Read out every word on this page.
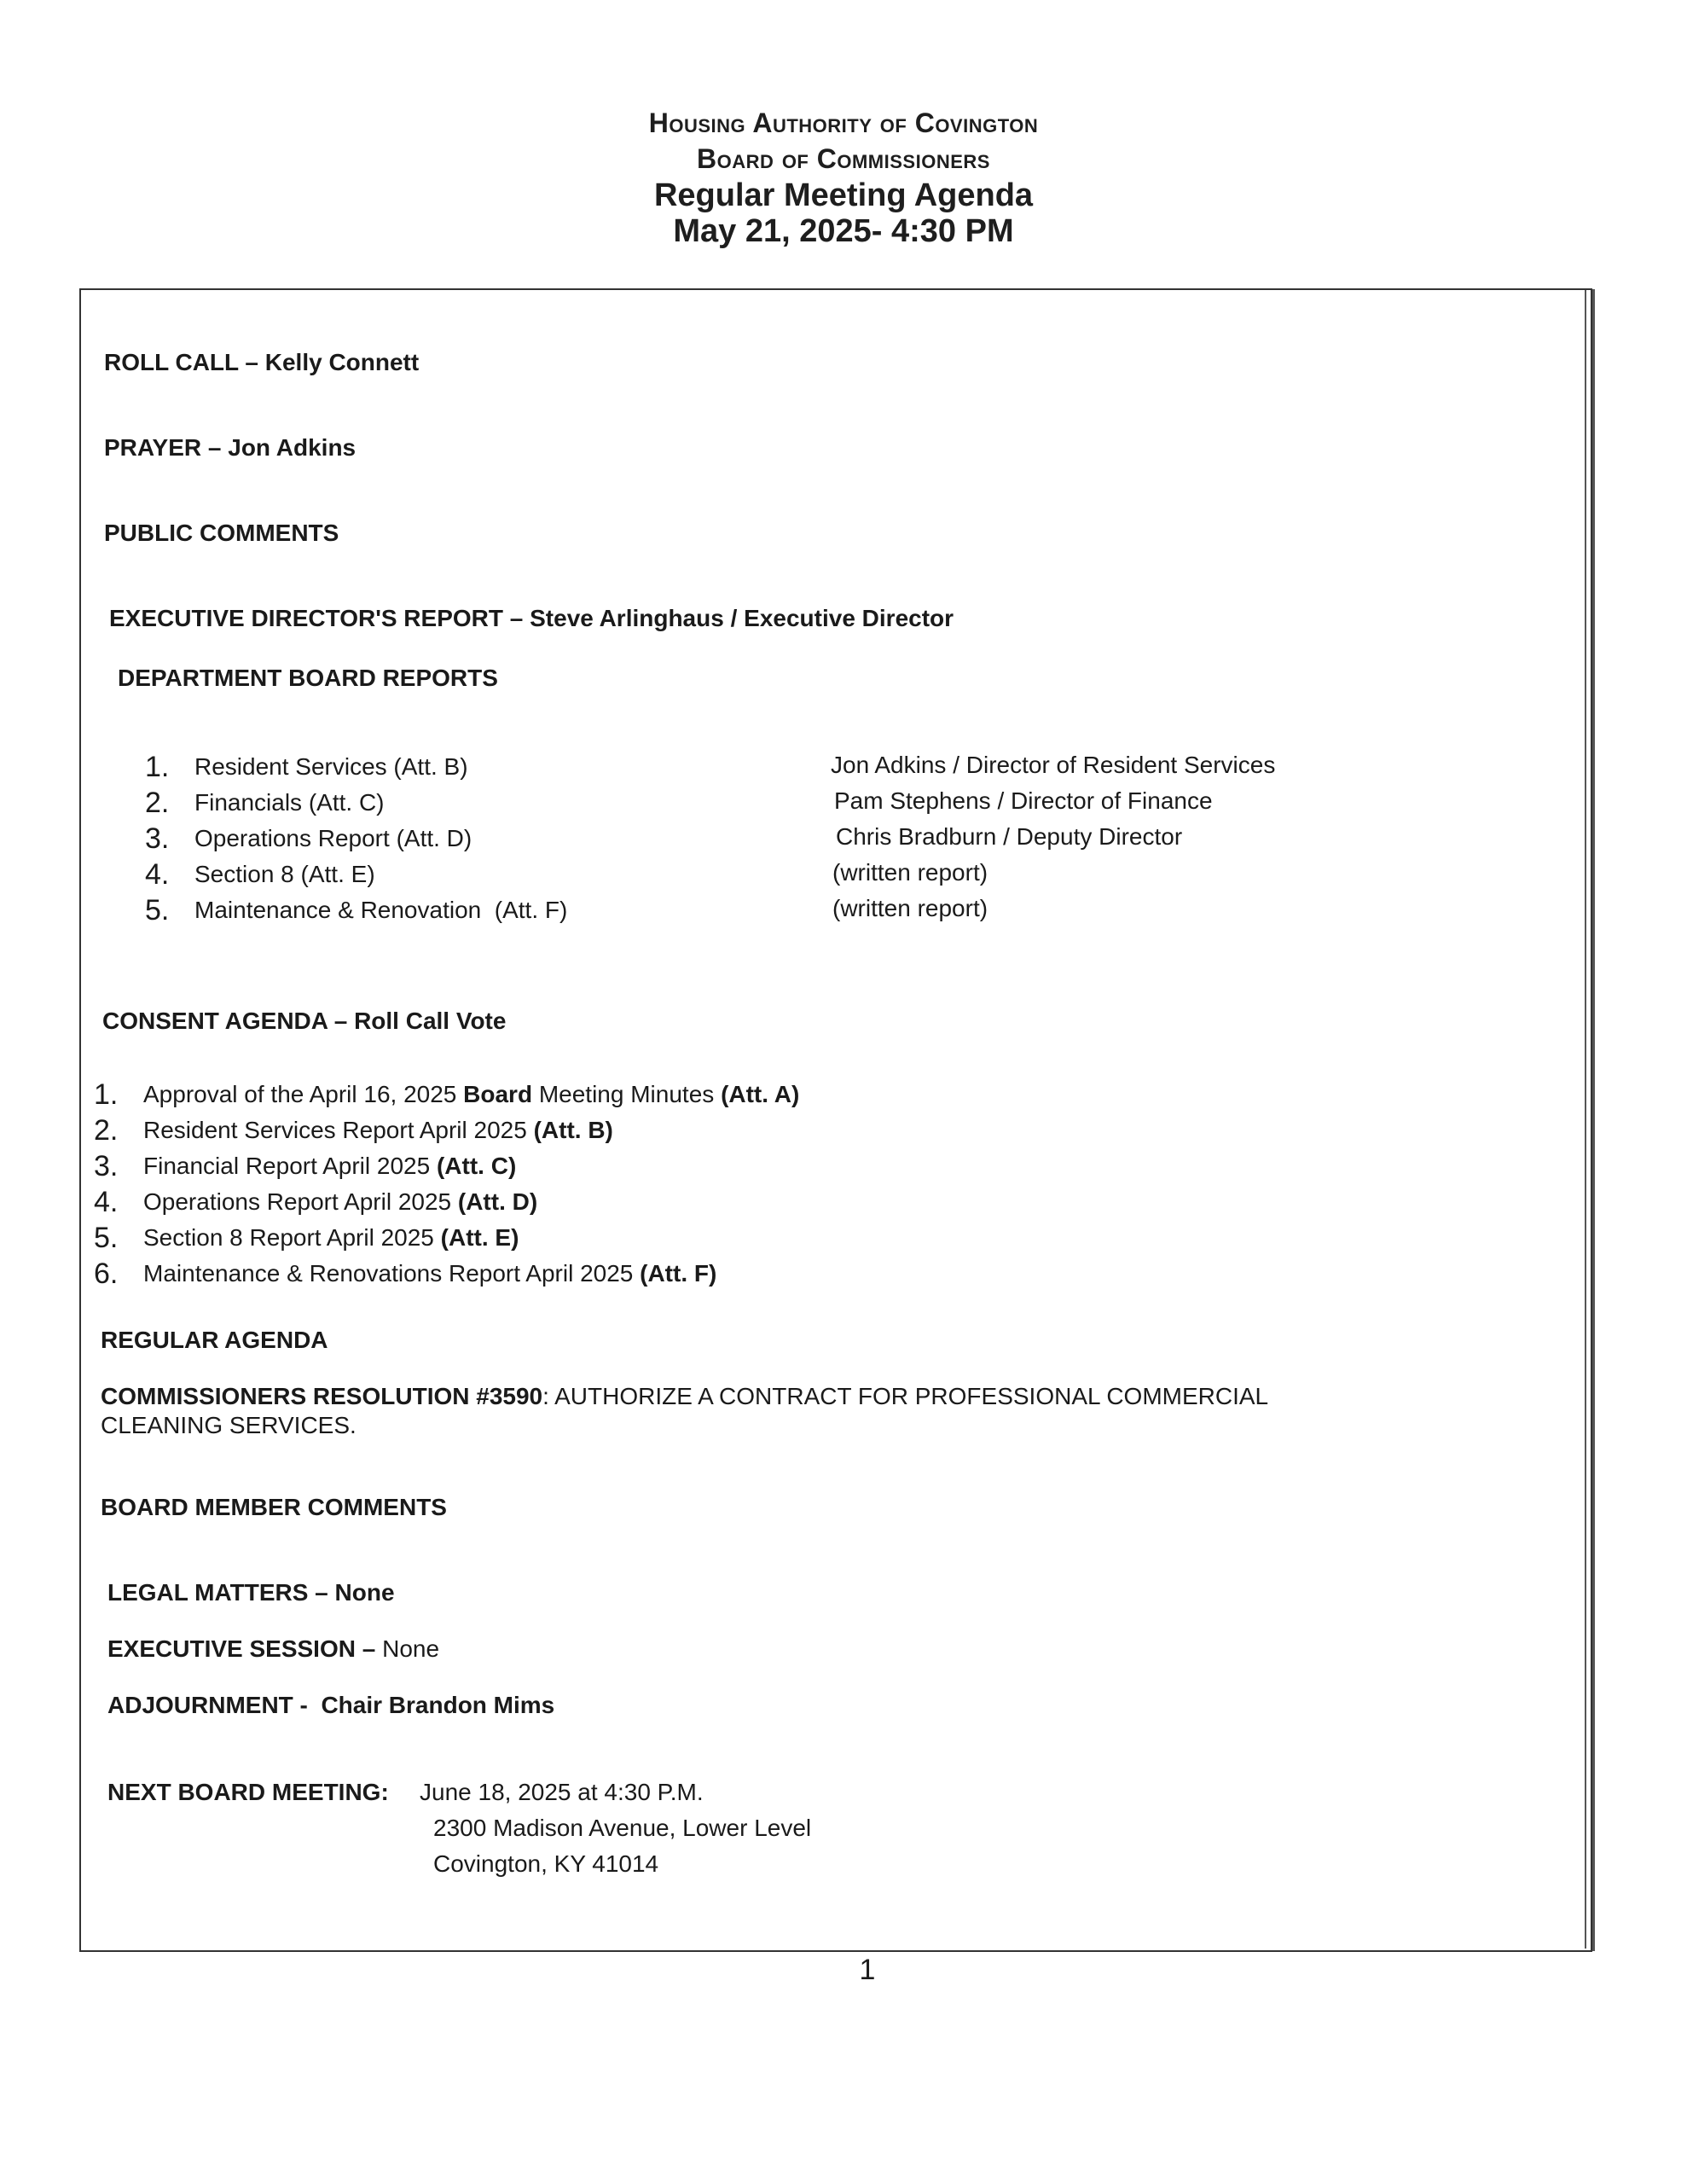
Housing Authority of Covington
Board of Commissioners
Regular Meeting Agenda
May 21, 2025- 4:30 PM
ROLL CALL – Kelly Connett
PRAYER – Jon Adkins
PUBLIC COMMENTS
EXECUTIVE DIRECTOR'S REPORT – Steve Arlinghaus / Executive Director
DEPARTMENT BOARD REPORTS
1. Resident Services (Att. B)	Jon Adkins / Director of Resident Services
2. Financials (Att. C)	Pam Stephens / Director of Finance
3. Operations Report (Att. D)	Chris Bradburn / Deputy Director
4. Section 8 (Att. E)	(written report)
5. Maintenance & Renovation  (Att. F)	(written report)
CONSENT AGENDA – Roll Call Vote
1. Approval of the April 16, 2025 Board Meeting Minutes (Att. A)
2. Resident Services Report April 2025 (Att. B)
3. Financial Report April 2025 (Att. C)
4. Operations Report April 2025 (Att. D)
5. Section 8 Report April 2025 (Att. E)
6. Maintenance & Renovations Report April 2025 (Att. F)
REGULAR AGENDA
COMMISSIONERS RESOLUTION #3590: AUTHORIZE A CONTRACT FOR PROFESSIONAL COMMERCIAL
CLEANING SERVICES.
BOARD MEMBER COMMENTS
LEGAL MATTERS – None
EXECUTIVE SESSION – None
ADJOURNMENT -  Chair Brandon Mims
NEXT BOARD MEETING: June 18, 2025 at 4:30 P.M.
2300 Madison Avenue, Lower Level
Covington, KY 41014
1
